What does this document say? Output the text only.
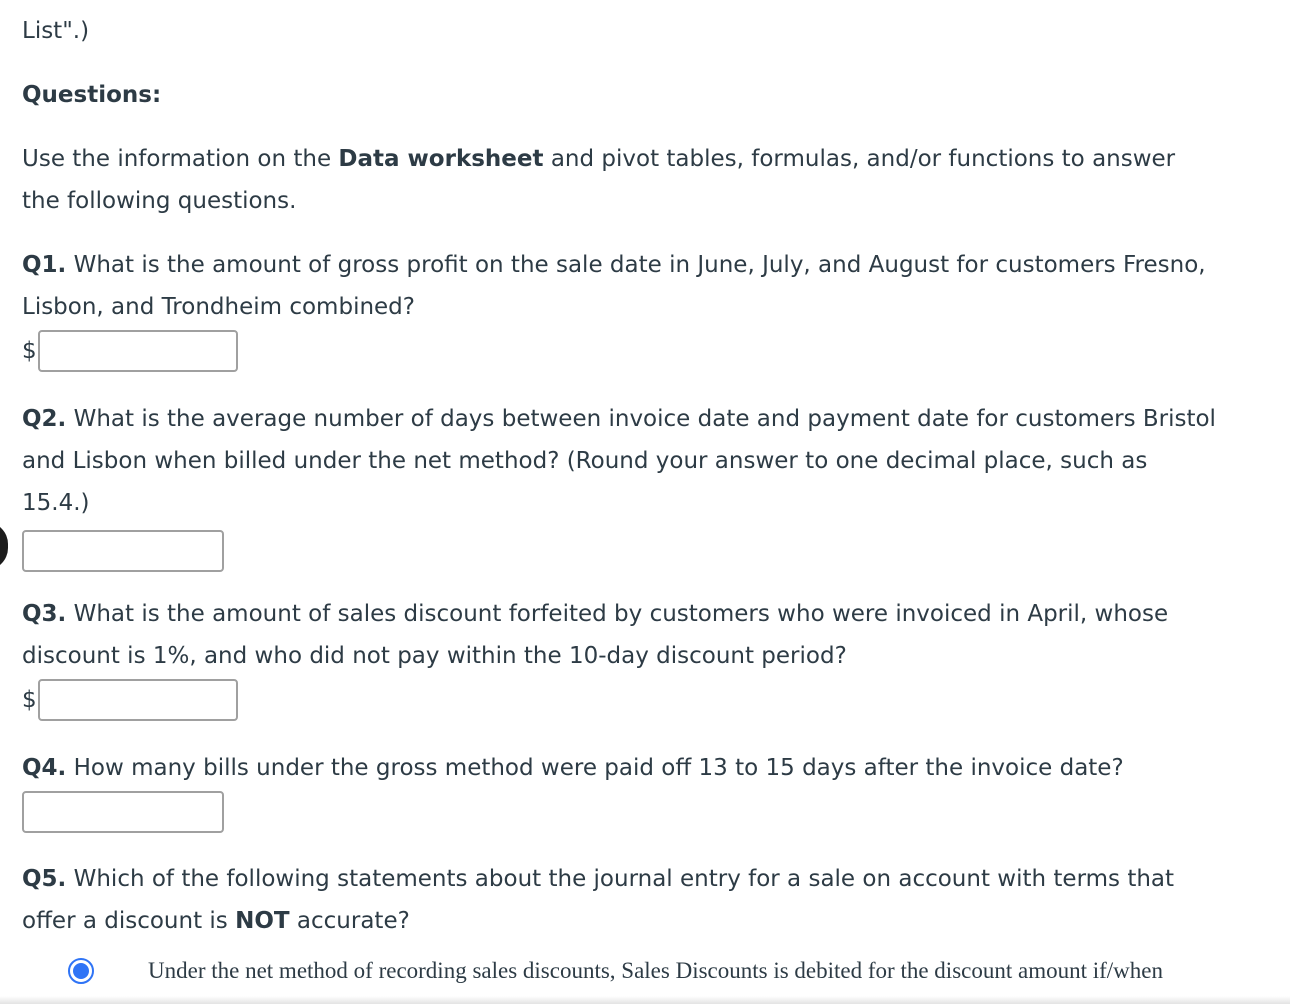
List".)

Questions:

Use the information on the Data worksheet and pivot tables, formulas, and/or functions to answer

the following questions.

Q1. What is the amount of gross profit on the sale date in June, July, and August for customers Fresno,

Lisbon, and Trondheim combined?

$

Q2. What is the average number of days between invoice date and payment date for customers Bristol

and Lisbon when billed under the net method? (Round your answer to one decimal place, such as

15.4.)

Q3. What is the amount of sales discount forfeited by customers who were invoiced in April, whose

discount is 1%, and who did not pay within the 10-day discount period?

$

Q4. How many bills under the gross method were paid off 13 to 15 days after the invoice date?

Q5. Which of the following statements about the journal entry for a sale on account with terms that

offer a discount is NOT accurate?

Under the net method of recording sales discounts, Sales Discounts is debited for the discount amount if/when
